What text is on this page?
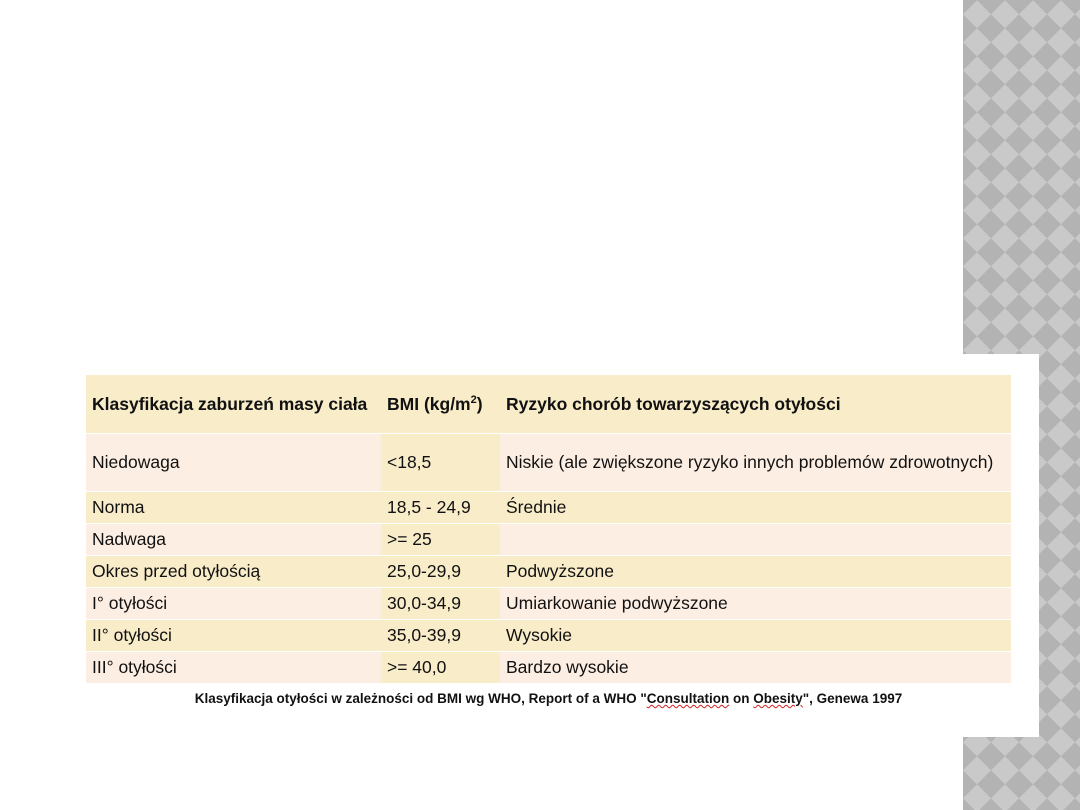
Klasyfikacja zaburzeń masy ciała	BMI $(kg/m^2)$	Ryzyko chorób towarzyszących otyłości
Niedowaga	<18,5	Niskie (ale zwiększone ryzyko innych problemów zdrowotnych)
Norma	18,5 - 24,9	Średnie
Nadwaga	>= 25	
Okres przed otyłością	25,0-29,9	Podwyższone
I° otyłości	30,0-34,9	Umiarkowanie podwyższone
II° otyłości	35,0-39,9	Wysokie
III° otyłości	>= 40,0	Bardzo wysokie
Klasyfikacja otyłości w zależności od BMI wg WHO, Report of a WHO "Consultation on Obesity", Genewa 1997		
